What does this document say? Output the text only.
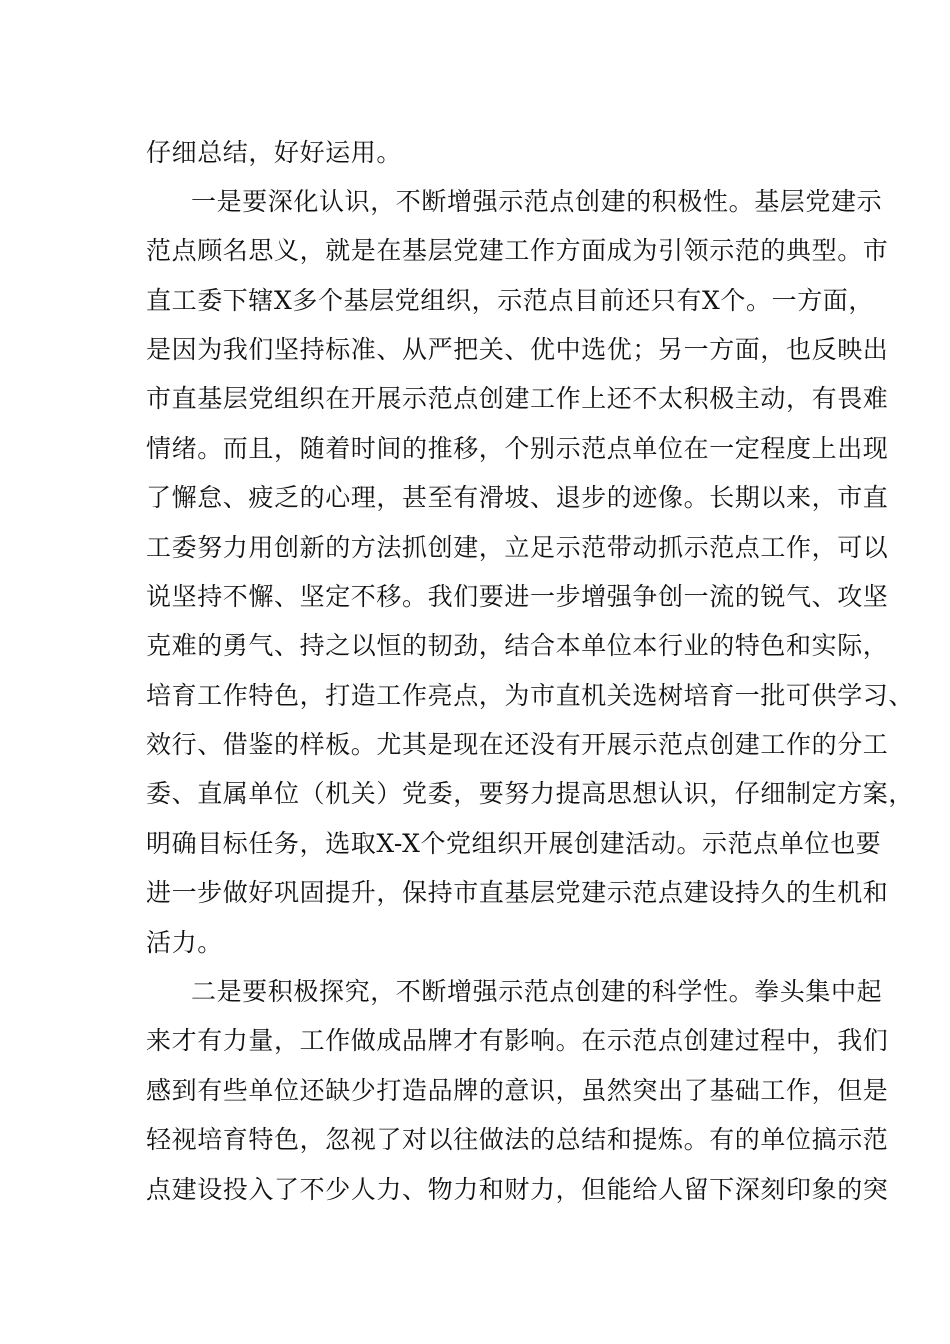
仔细总结，好好运用。
一是要深化认识，不断增强示范点创建的积极性。基层党建示
范点顾名思义，就是在基层党建工作方面成为引领示范的典型。市
直工委下辖X多个基层党组织，示范点目前还只有X个。一方面，
是因为我们坚持标准、从严把关、优中选优；另一方面，也反映出
市直基层党组织在开展示范点创建工作上还不太积极主动，有畏难
情绪。而且，随着时间的推移，个别示范点单位在一定程度上出现
了懈怠、疲乏的心理，甚至有滑坡、退步的迹像。长期以来，市直
工委努力用创新的方法抓创建，立足示范带动抓示范点工作，可以
说坚持不懈、坚定不移。我们要进一步增强争创一流的锐气、攻坚
克难的勇气、持之以恒的韧劲，结合本单位本行业的特色和实际，
培育工作特色，打造工作亮点，为市直机关选树培育一批可供学习、
效行、借鉴的样板。尤其是现在还没有开展示范点创建工作的分工
委、直属单位（机关）党委，要努力提高思想认识，仔细制定方案，
明确目标任务，选取X-X个党组织开展创建活动。示范点单位也要
进一步做好巩固提升，保持市直基层党建示范点建设持久的生机和
活力。
二是要积极探究，不断增强示范点创建的科学性。拳头集中起
来才有力量，工作做成品牌才有影响。在示范点创建过程中，我们
感到有些单位还缺少打造品牌的意识，虽然突出了基础工作，但是
轻视培育特色，忽视了对以往做法的总结和提炼。有的单位搞示范
点建设投入了不少人力、物力和财力，但能给人留下深刻印象的突
